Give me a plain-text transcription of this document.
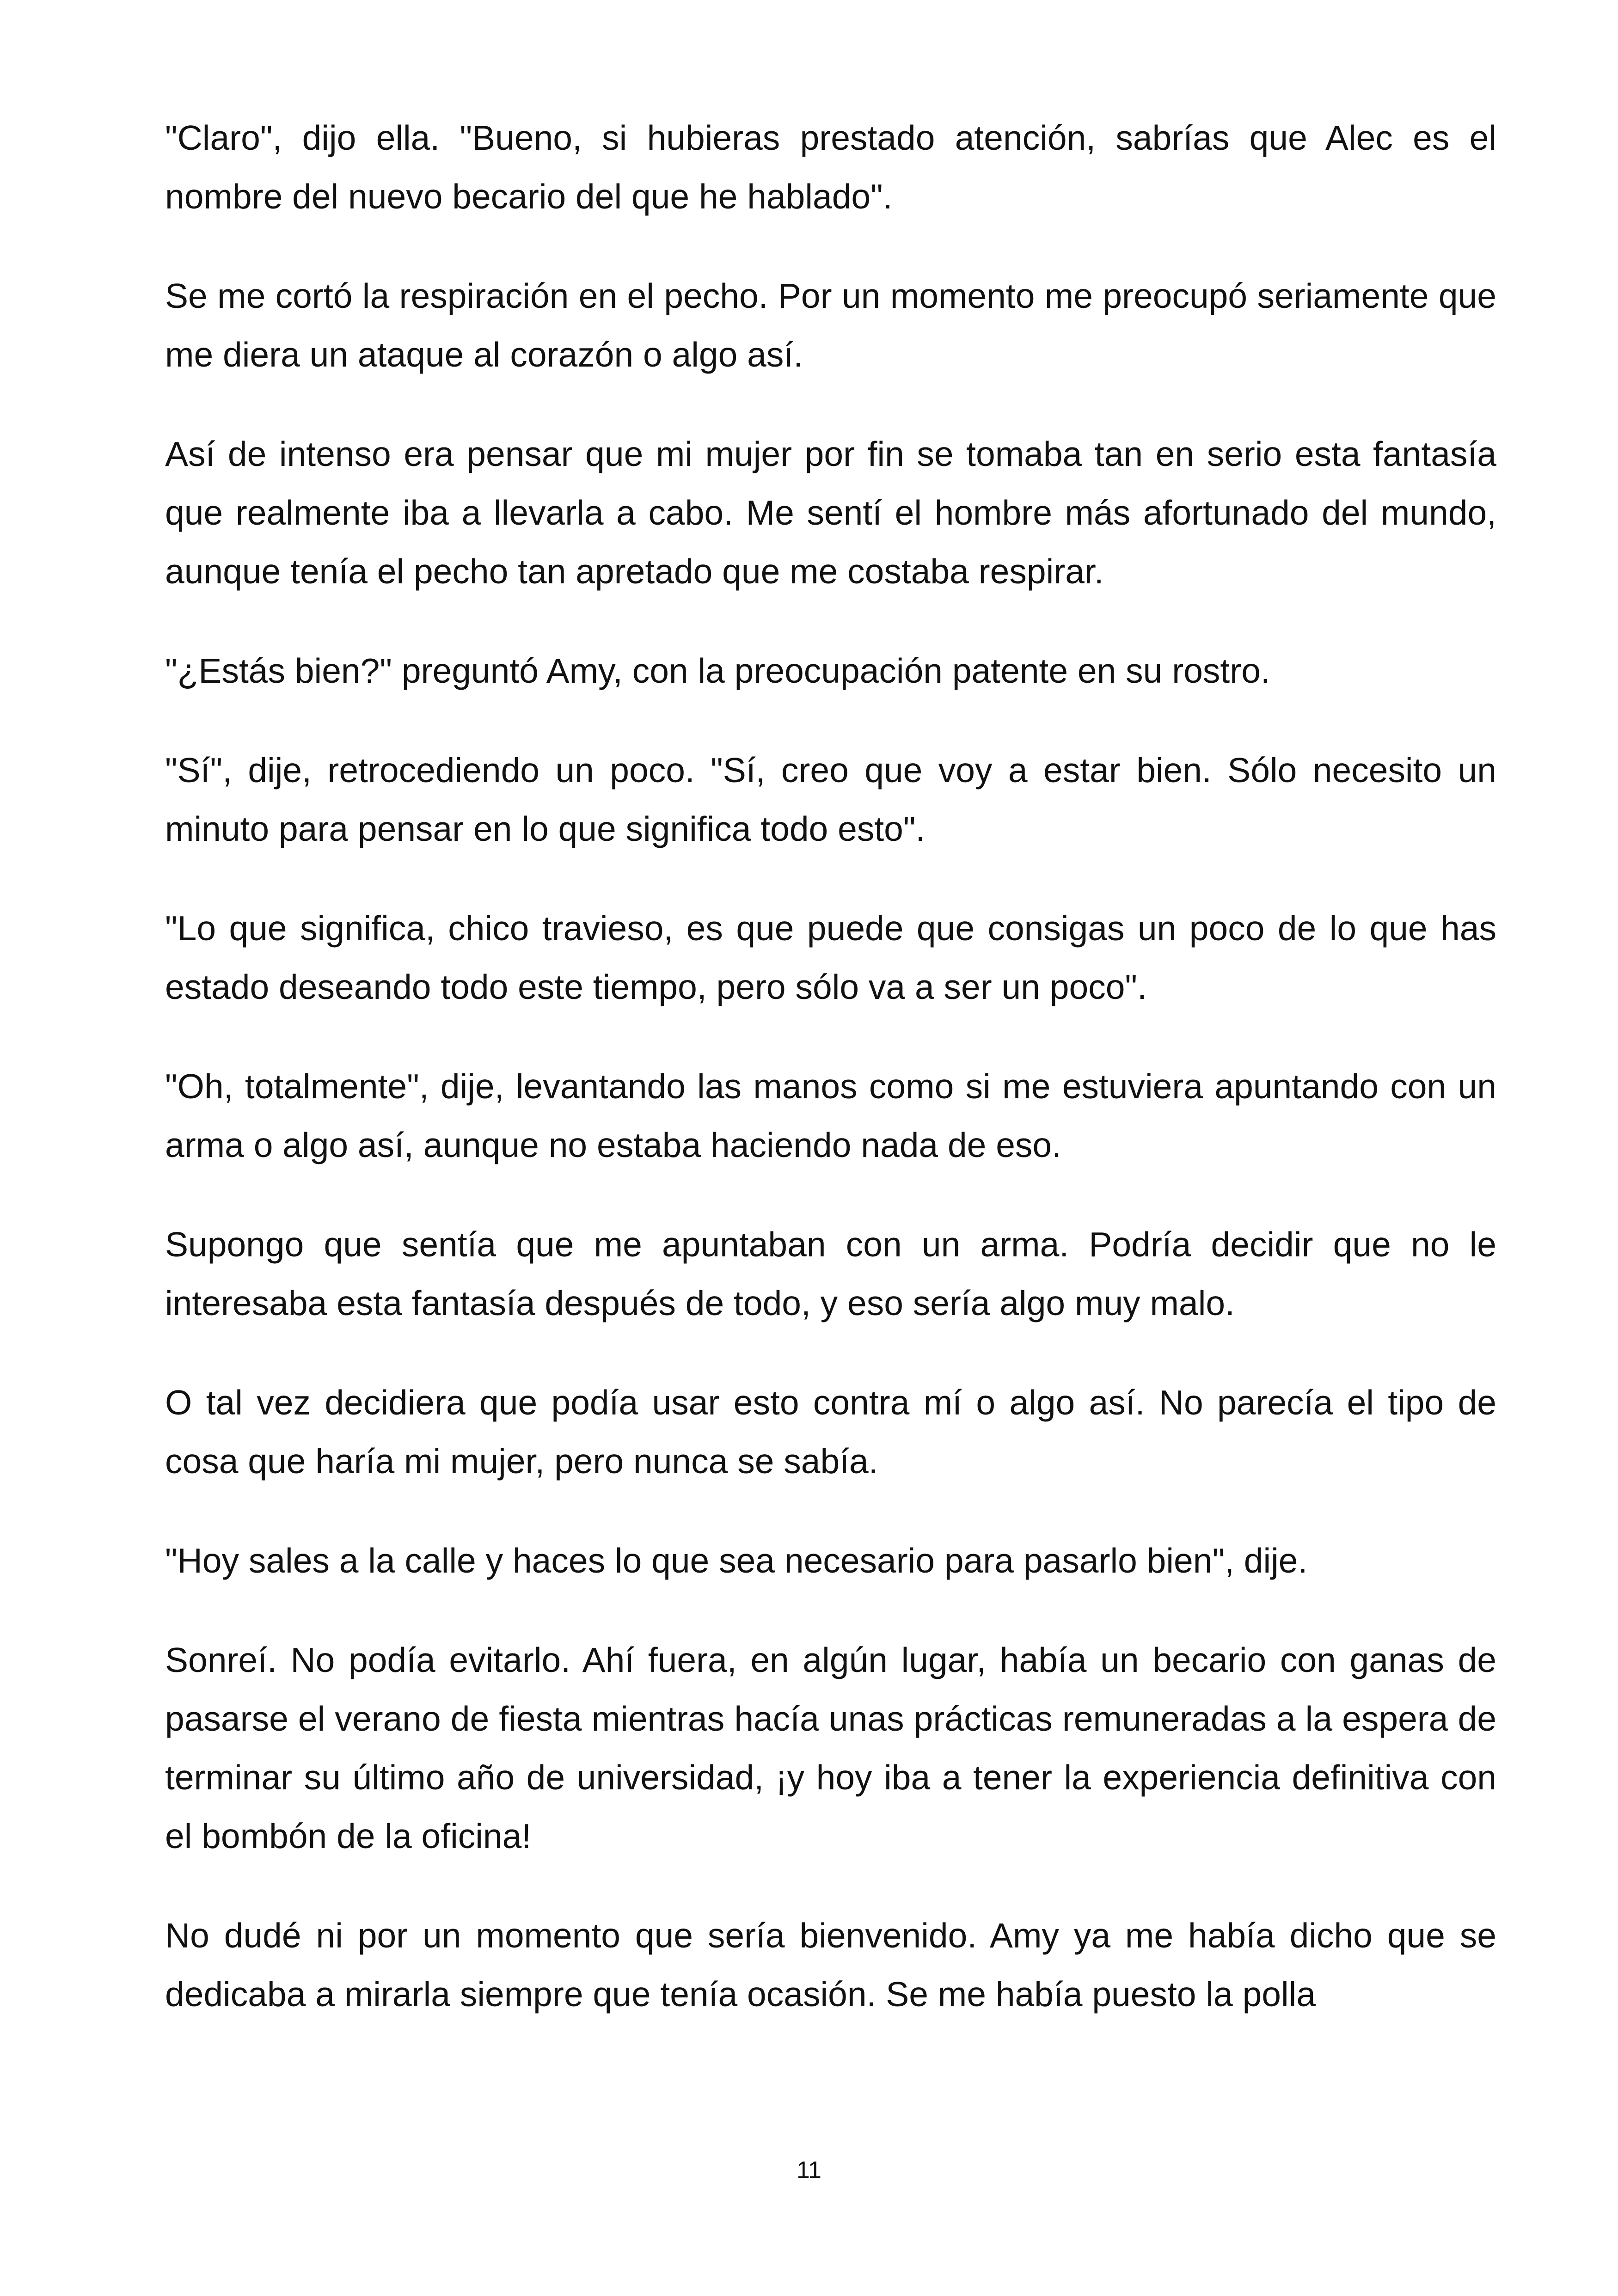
"Claro", dijo ella. "Bueno, si hubieras prestado atención, sabrías que Alec es el nombre del nuevo becario del que he hablado".

Se me cortó la respiración en el pecho. Por un momento me preocupó seriamente que me diera un ataque al corazón o algo así.

Así de intenso era pensar que mi mujer por fin se tomaba tan en serio esta fantasía que realmente iba a llevarla a cabo. Me sentí el hombre más afortunado del mundo, aunque tenía el pecho tan apretado que me costaba respirar.

"¿Estás bien?" preguntó Amy, con la preocupación patente en su rostro.

"Sí", dije, retrocediendo un poco. "Sí, creo que voy a estar bien. Sólo necesito un minuto para pensar en lo que significa todo esto".

"Lo que significa, chico travieso, es que puede que consigas un poco de lo que has estado deseando todo este tiempo, pero sólo va a ser un poco".

"Oh, totalmente", dije, levantando las manos como si me estuviera apuntando con un arma o algo así, aunque no estaba haciendo nada de eso.

Supongo que sentía que me apuntaban con un arma. Podría decidir que no le interesaba esta fantasía después de todo, y eso sería algo muy malo.

O tal vez decidiera que podía usar esto contra mí o algo así. No parecía el tipo de cosa que haría mi mujer, pero nunca se sabía.

"Hoy sales a la calle y haces lo que sea necesario para pasarlo bien", dije.

Sonreí. No podía evitarlo. Ahí fuera, en algún lugar, había un becario con ganas de pasarse el verano de fiesta mientras hacía unas prácticas remuneradas a la espera de terminar su último año de universidad, ¡y hoy iba a tener la experiencia definitiva con el bombón de la oficina!

No dudé ni por un momento que sería bienvenido. Amy ya me había dicho que se dedicaba a mirarla siempre que tenía ocasión. Se me había puesto la polla

11
